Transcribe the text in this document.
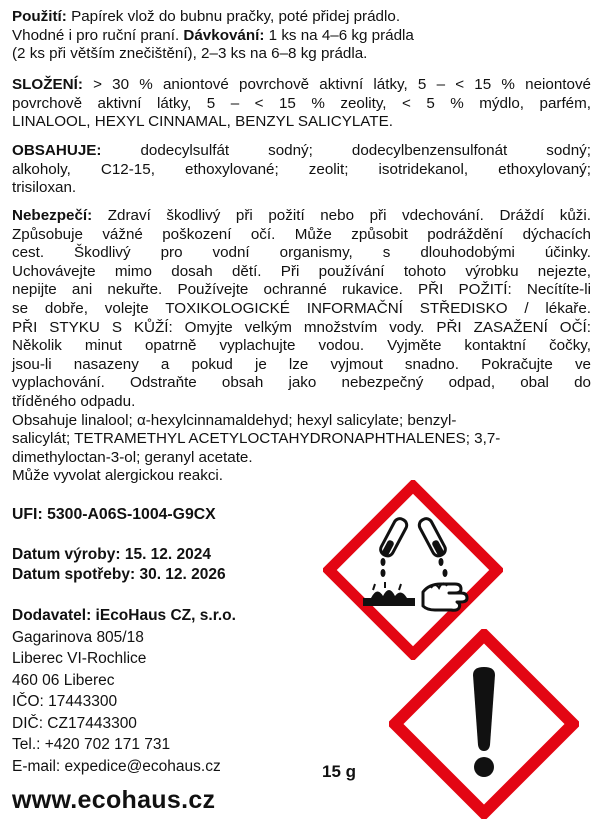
Použití: Papírek vlož do bubnu pračky, poté přidej prádlo.
Vhodné i pro ruční praní. Dávkování: 1 ks na 4–6 kg prádla
(2 ks při větším znečištění), 2–3 ks na 6–8 kg prádla.
SLOŽENÍ: > 30 % aniontové povrchově aktivní látky, 5 – < 15 % neiontové
povrchově aktivní látky, 5 – < 15 % zeolity, < 5 % mýdlo, parfém,
LINALOOL, HEXYL CINNAMAL, BENZYL SALICYLATE.
OBSAHUJE: dodecylsulfát sodný; dodecylbenzensulfonát sodný;
alkoholy, C12-15, ethoxylované; zeolit; isotridekanol, ethoxylovaný;
trisiloxan.
Nebezpečí: Zdraví škodlivý při požití nebo při vdechování. Dráždí kůži.
Způsobuje vážné poškození očí. Může způsobit podráždění dýchacích
cest. Škodlivý pro vodní organismy, s dlouhodobými účinky.
Uchovávejte mimo dosah dětí. Při používání tohoto výrobku nejezte,
nepijte ani nekuřte. Používejte ochranné rukavice. PŘI POŽITÍ: Necítíte-li
se dobře, volejte TOXIKOLOGICKÉ INFORMAČNÍ STŘEDISKO / lékaře.
PŘI STYKU S KŮŽÍ: Omyjte velkým množstvím vody. PŘI ZASAŽENÍ OČÍ:
Několik minut opatrně vyplachujte vodou. Vyjměte kontaktní čočky,
jsou-li nasazeny a pokud je lze vyjmout snadno. Pokračujte ve
vyplachování. Odstraňte obsah jako nebezpečný odpad, obal do
tříděného odpadu.
Obsahuje linalool; α-hexylcinnamaldehyd; hexyl salicylate; benzyl-
salicylát; TETRAMETHYL ACETYLOCTAHYDRONAPHTHALENES; 3,7-
dimethyloctan-3-ol; geranyl acetate.
Může vyvolat alergickou reakci.
UFI: 5300-A06S-1004-G9CX
Datum výroby: 15. 12. 2024
Datum spotřeby: 30. 12. 2026
Dodavatel: iEcoHaus CZ, s.r.o.
Gagarinova 805/18
Liberec VI-Rochlice
460 06 Liberec
IČO: 17443300
DIČ: CZ17443300
Tel.: +420 702 171 731
E-mail: expedice@ecohaus.cz	15 g
www.ecohaus.cz
